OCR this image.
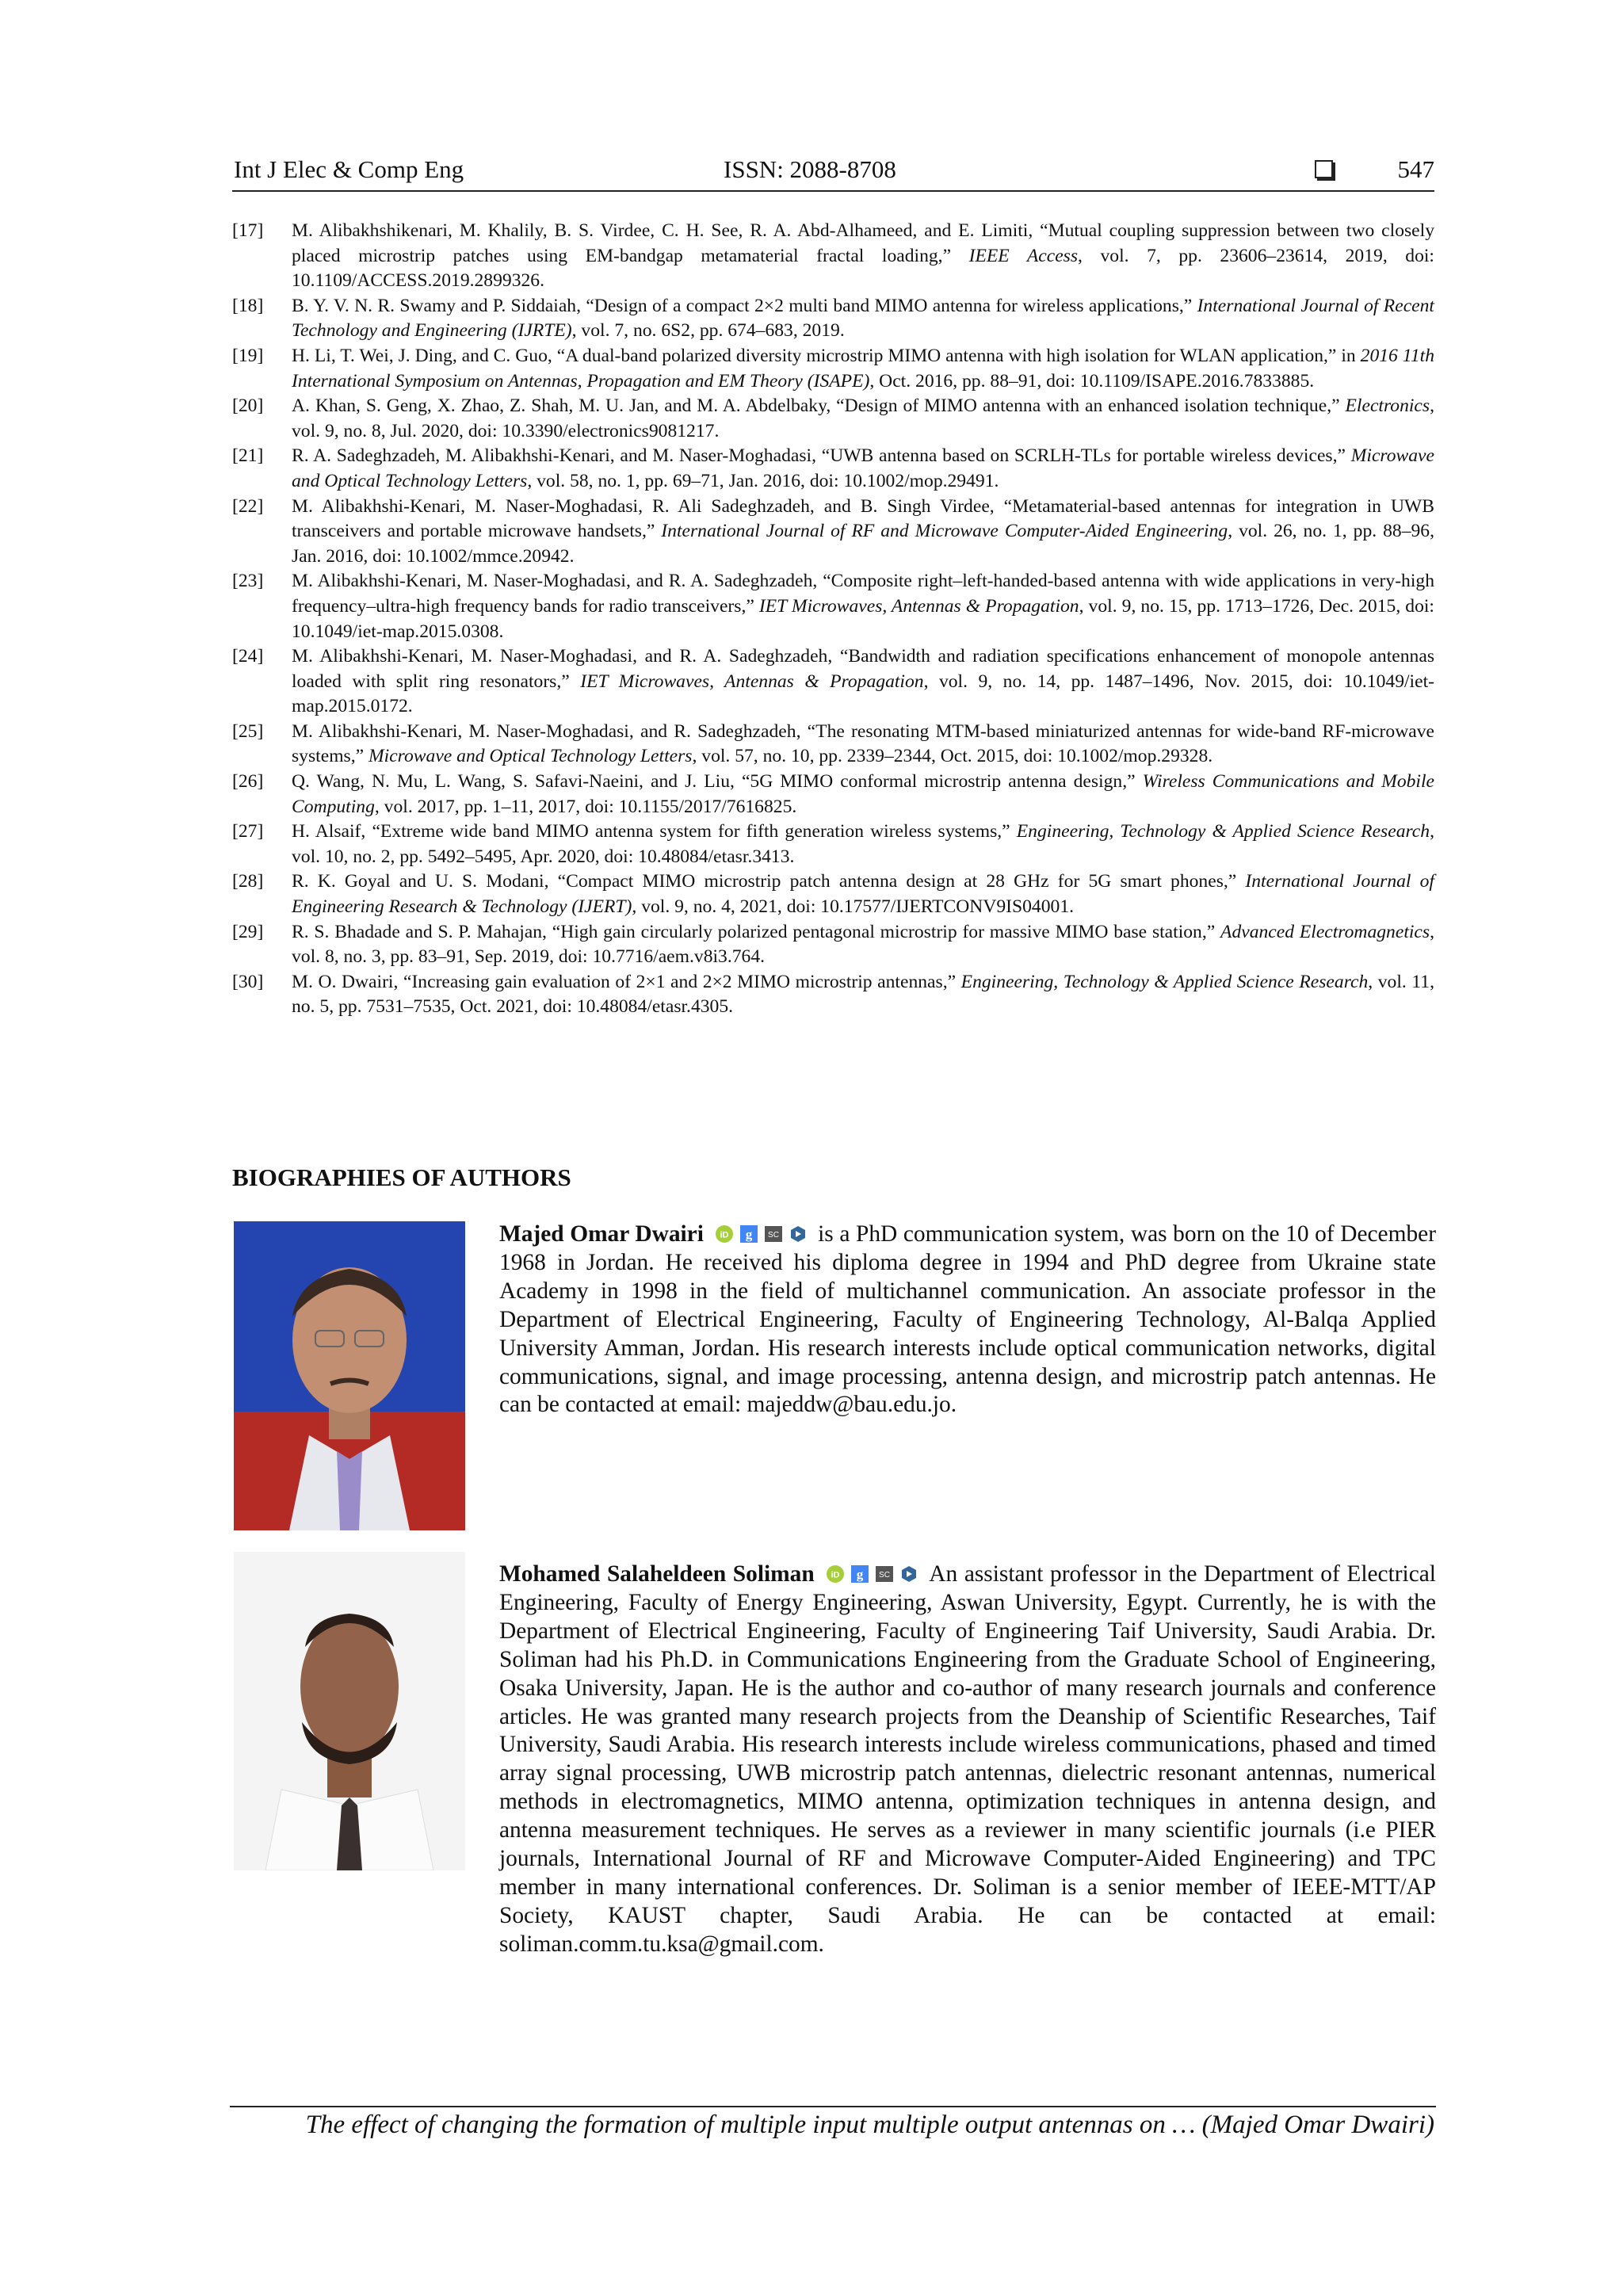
Int J Elec & Comp Eng	ISSN: 2088-8708	547
[17]	M. Alibakhshikenari, M. Khalily, B. S. Virdee, C. H. See, R. A. Abd-Alhameed, and E. Limiti, “Mutual coupling suppression between two closely placed microstrip patches using EM-bandgap metamaterial fractal loading,” IEEE Access, vol. 7, pp. 23606–23614, 2019, doi: 10.1109/ACCESS.2019.2899326.
[18]	B. Y. V. N. R. Swamy and P. Siddaiah, “Design of a compact 2×2 multi band MIMO antenna for wireless applications,” International Journal of Recent Technology and Engineering (IJRTE), vol. 7, no. 6S2, pp. 674–683, 2019.
[19]	H. Li, T. Wei, J. Ding, and C. Guo, “A dual-band polarized diversity microstrip MIMO antenna with high isolation for WLAN application,” in 2016 11th International Symposium on Antennas, Propagation and EM Theory (ISAPE), Oct. 2016, pp. 88–91, doi: 10.1109/ISAPE.2016.7833885.
[20]	A. Khan, S. Geng, X. Zhao, Z. Shah, M. U. Jan, and M. A. Abdelbaky, “Design of MIMO antenna with an enhanced isolation technique,” Electronics, vol. 9, no. 8, Jul. 2020, doi: 10.3390/electronics9081217.
[21]	R. A. Sadeghzadeh, M. Alibakhshi-Kenari, and M. Naser-Moghadasi, “UWB antenna based on SCRLH-TLs for portable wireless devices,” Microwave and Optical Technology Letters, vol. 58, no. 1, pp. 69–71, Jan. 2016, doi: 10.1002/mop.29491.
[22]	M. Alibakhshi-Kenari, M. Naser-Moghadasi, R. Ali Sadeghzadeh, and B. Singh Virdee, “Metamaterial-based antennas for integration in UWB transceivers and portable microwave handsets,” International Journal of RF and Microwave Computer-Aided Engineering, vol. 26, no. 1, pp. 88–96, Jan. 2016, doi: 10.1002/mmce.20942.
[23]	M. Alibakhshi-Kenari, M. Naser-Moghadasi, and R. A. Sadeghzadeh, “Composite right–left-handed-based antenna with wide applications in very-high frequency–ultra-high frequency bands for radio transceivers,” IET Microwaves, Antennas & Propagation, vol. 9, no. 15, pp. 1713–1726, Dec. 2015, doi: 10.1049/iet-map.2015.0308.
[24]	M. Alibakhshi-Kenari, M. Naser-Moghadasi, and R. A. Sadeghzadeh, “Bandwidth and radiation specifications enhancement of monopole antennas loaded with split ring resonators,” IET Microwaves, Antennas & Propagation, vol. 9, no. 14, pp. 1487–1496, Nov. 2015, doi: 10.1049/iet-map.2015.0172.
[25]	M. Alibakhshi-Kenari, M. Naser-Moghadasi, and R. Sadeghzadeh, “The resonating MTM-based miniaturized antennas for wide-band RF-microwave systems,” Microwave and Optical Technology Letters, vol. 57, no. 10, pp. 2339–2344, Oct. 2015, doi: 10.1002/mop.29328.
[26]	Q. Wang, N. Mu, L. Wang, S. Safavi-Naeini, and J. Liu, “5G MIMO conformal microstrip antenna design,” Wireless Communications and Mobile Computing, vol. 2017, pp. 1–11, 2017, doi: 10.1155/2017/7616825.
[27]	H. Alsaif, “Extreme wide band MIMO antenna system for fifth generation wireless systems,” Engineering, Technology & Applied Science Research, vol. 10, no. 2, pp. 5492–5495, Apr. 2020, doi: 10.48084/etasr.3413.
[28]	R. K. Goyal and U. S. Modani, “Compact MIMO microstrip patch antenna design at 28 GHz for 5G smart phones,” International Journal of Engineering Research & Technology (IJERT), vol. 9, no. 4, 2021, doi: 10.17577/IJERTCONV9IS04001.
[29]	R. S. Bhadade and S. P. Mahajan, “High gain circularly polarized pentagonal microstrip for massive MIMO base station,” Advanced Electromagnetics, vol. 8, no. 3, pp. 83–91, Sep. 2019, doi: 10.7716/aem.v8i3.764.
[30]	M. O. Dwairi, “Increasing gain evaluation of 2×1 and 2×2 MIMO microstrip antennas,” Engineering, Technology & Applied Science Research, vol. 11, no. 5, pp. 7531–7535, Oct. 2021, doi: 10.48084/etasr.4305.
BIOGRAPHIES OF AUTHORS
Majed Omar Dwairi iD g SC is a PhD communication system, was born on the 10 of December 1968 in Jordan. He received his diploma degree in 1994 and PhD degree from Ukraine state Academy in 1998 in the field of multichannel communication. An associate professor in the Department of Electrical Engineering, Faculty of Engineering Technology, Al-Balqa Applied University Amman, Jordan. His research interests include optical communication networks, digital communications, signal, and image processing, antenna design, and microstrip patch antennas. He can be contacted at email: majeddw@bau.edu.jo.
Mohamed Salaheldeen Soliman iD g SC An assistant professor in the Department of Electrical Engineering, Faculty of Energy Engineering, Aswan University, Egypt. Currently, he is with the Department of Electrical Engineering, Faculty of Engineering Taif University, Saudi Arabia. Dr. Soliman had his Ph.D. in Communications Engineering from the Graduate School of Engineering, Osaka University, Japan. He is the author and co-author of many research journals and conference articles. He was granted many research projects from the Deanship of Scientific Researches, Taif University, Saudi Arabia. His research interests include wireless communications, phased and timed array signal processing, UWB microstrip patch antennas, dielectric resonant antennas, numerical methods in electromagnetics, MIMO antenna, optimization techniques in antenna design, and antenna measurement techniques. He serves as a reviewer in many scientific journals (i.e PIER journals, International Journal of RF and Microwave Computer-Aided Engineering) and TPC member in many international conferences. Dr. Soliman is a senior member of IEEE-MTT/AP Society, KAUST chapter, Saudi Arabia. He can be contacted at email: soliman.comm.tu.ksa@gmail.com.
The effect of changing the formation of multiple input multiple output antennas on … (Majed Omar Dwairi)
